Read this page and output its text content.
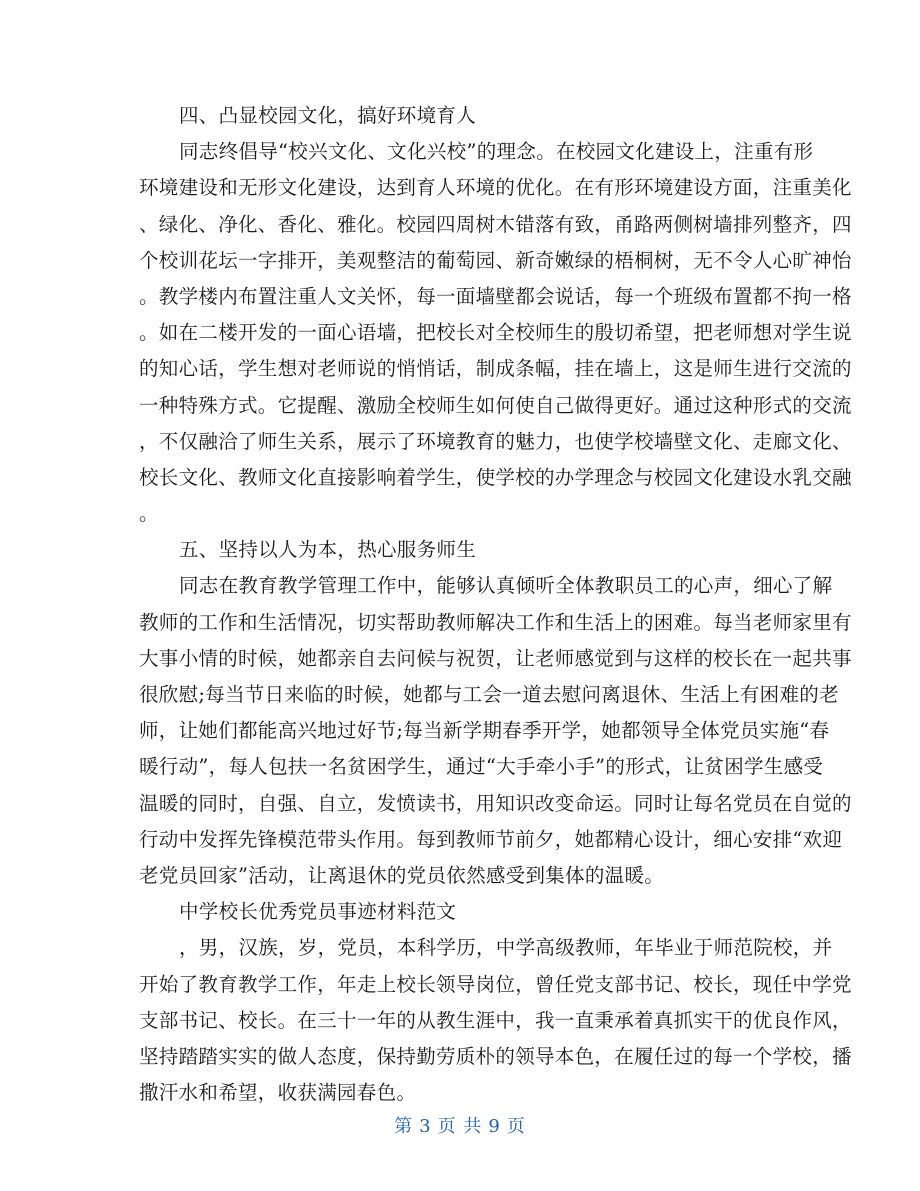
四、凸显校园文化，搞好环境育人
同志终倡导“校兴文化、文化兴校”的理念。在校园文化建设上，注重有形
环境建设和无形文化建设，达到育人环境的优化。在有形环境建设方面，注重美化
、绿化、净化、香化、雅化。校园四周树木错落有致，甬路两侧树墙排列整齐，四
个校训花坛一字排开，美观整洁的葡萄园、新奇嫩绿的梧桐树，无不令人心旷神怡
。教学楼内布置注重人文关怀，每一面墙壁都会说话，每一个班级布置都不拘一格
。如在二楼开发的一面心语墙，把校长对全校师生的殷切希望，把老师想对学生说
的知心话，学生想对老师说的悄悄话，制成条幅，挂在墙上，这是师生进行交流的
一种特殊方式。它提醒、激励全校师生如何使自己做得更好。通过这种形式的交流
，不仅融洽了师生关系，展示了环境教育的魅力，也使学校墙壁文化、走廊文化、
校长文化、教师文化直接影响着学生，使学校的办学理念与校园文化建设水乳交融
。
五、坚持以人为本，热心服务师生
同志在教育教学管理工作中，能够认真倾听全体教职员工的心声，细心了解
教师的工作和生活情况，切实帮助教师解决工作和生活上的困难。每当老师家里有
大事小情的时候，她都亲自去问候与祝贺，让老师感觉到与这样的校长在一起共事
很欣慰;每当节日来临的时候，她都与工会一道去慰问离退休、生活上有困难的老
师，让她们都能高兴地过好节;每当新学期春季开学，她都领导全体党员实施“春
暖行动”，每人包扶一名贫困学生，通过“大手牵小手”的形式，让贫困学生感受
温暖的同时，自强、自立，发愤读书，用知识改变命运。同时让每名党员在自觉的
行动中发挥先锋模范带头作用。每到教师节前夕，她都精心设计，细心安排“欢迎
老党员回家”活动，让离退休的党员依然感受到集体的温暖。
中学校长优秀党员事迹材料范文
，男，汉族，岁，党员，本科学历，中学高级教师，年毕业于师范院校，并
开始了教育教学工作，年走上校长领导岗位，曾任党支部书记、校长，现任中学党
支部书记、校长。在三十一年的从教生涯中，我一直秉承着真抓实干的优良作风，
坚持踏踏实实的做人态度，保持勤劳质朴的领导本色，在履任过的每一个学校，播
撒汗水和希望，收获满园春色。
第 3 页 共 9 页
